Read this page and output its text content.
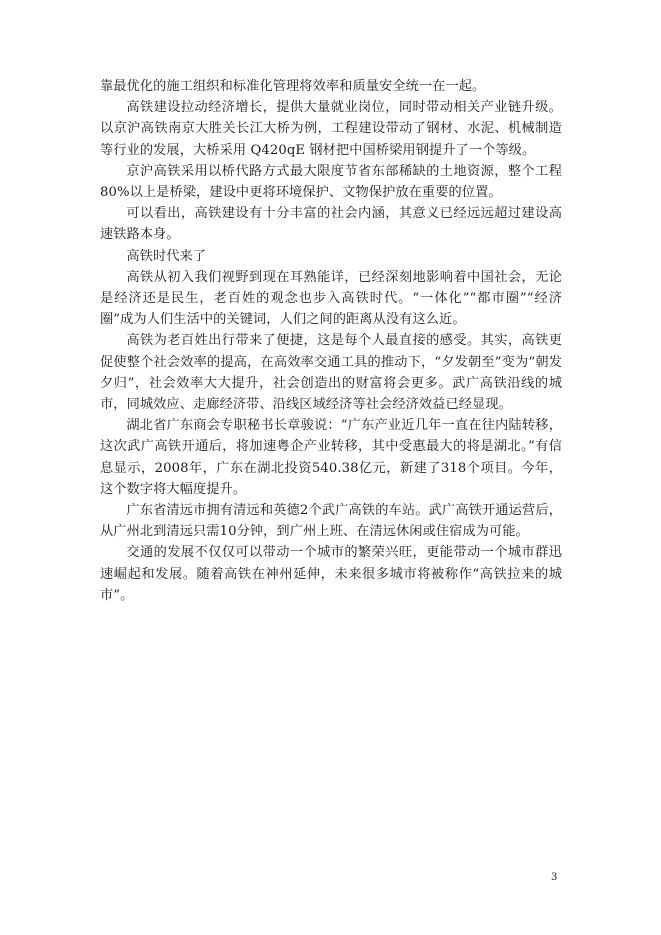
靠最优化的施工组织和标准化管理将效率和质量安全统一在一起。

高铁建设拉动经济增长，提供大量就业岗位，同时带动相关产业链升级。以京沪高铁南京大胜关长江大桥为例，工程建设带动了钢材、水泥、机械制造等行业的发展，大桥采用 Q420qE 钢材把中国桥梁用钢提升了一个等级。

京沪高铁采用以桥代路方式最大限度节省东部稀缺的土地资源，整个工程 80%以上是桥梁，建设中更将环境保护、文物保护放在重要的位置。

可以看出，高铁建设有十分丰富的社会内涵，其意义已经远远超过建设高速铁路本身。

高铁时代来了

高铁从初入我们视野到现在耳熟能详，已经深刻地影响着中国社会，无论是经济还是民生，老百姓的观念也步入高铁时代。“一体化”“都市圈”“经济圈”成为人们生活中的关键词，人们之间的距离从没有这么近。

高铁为老百姓出行带来了便捷，这是每个人最直接的感受。其实，高铁更促使整个社会效率的提高，在高效率交通工具的推动下，“夕发朝至”变为“朝发夕归”，社会效率大大提升，社会创造出的财富将会更多。武广高铁沿线的城市，同城效应、走廊经济带、沿线区域经济等社会经济效益已经显现。

湖北省广东商会专职秘书长章骏说：“广东产业近几年一直在往内陆转移，这次武广高铁开通后，将加速粤企产业转移，其中受惠最大的将是湖北。”有信息显示，2008年，广东在湖北投资540.38亿元，新建了318个项目。今年，这个数字将大幅度提升。

广东省清远市拥有清远和英德2个武广高铁的车站。武广高铁开通运营后，从广州北到清远只需10分钟，到广州上班、在清远休闲或住宿成为可能。

交通的发展不仅仅可以带动一个城市的繁荣兴旺，更能带动一个城市群迅速崛起和发展。随着高铁在神州延伸，未来很多城市将被称作“高铁拉来的城市”。

3
